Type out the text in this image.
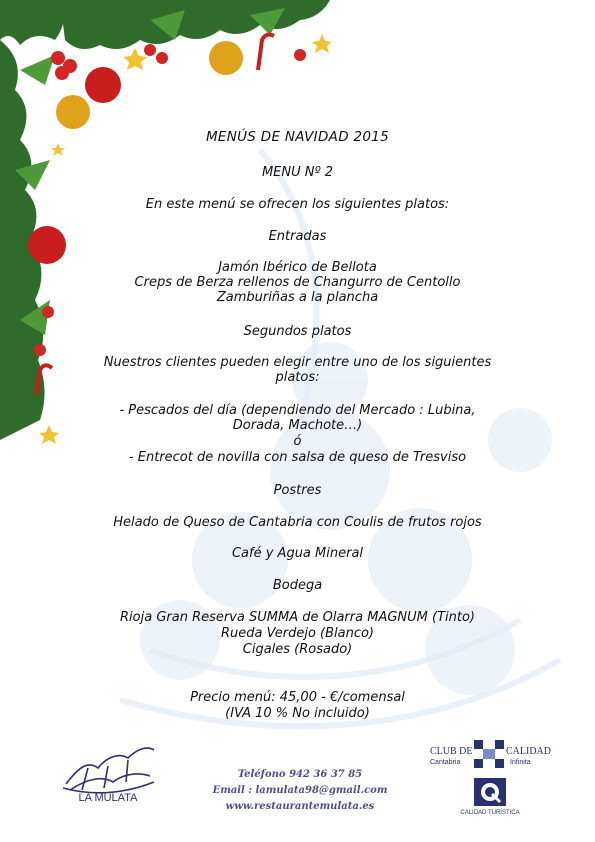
MENÚS DE NAVIDAD 2015
MENU Nº 2
En este menú se ofrecen los siguientes platos:
Entradas
Jamón Ibérico de Bellota
Creps de Berza rellenos de Changurro de Centollo
Zamburiñas a la plancha
Segundos platos
Nuestros clientes pueden elegir entre uno de los siguientes
platos:
- Pescados del día (dependiendo del Mercado : Lubina,
Dorada, Machote…)
ó
- Entrecot de novilla con salsa de queso de Tresviso
Postres
Helado de Queso de Cantabria con Coulis de frutos rojos
Café y Agua Mineral
Bodega
Rioja Gran Reserva SUMMA de Olarra MAGNUM (Tinto)
Rueda Verdejo (Blanco)
Cigales (Rosado)
Precio menú: 45,00 - €/comensal
(IVA 10 % No incluido)
LA MULATA
Teléfono 942 36 37 85
Email : lamulata98@gmail.com
www.restaurantemulata.es
CLUB DE	CALIDAD
Cantabria	Infinita
CALIDAD TURÍSTICA
